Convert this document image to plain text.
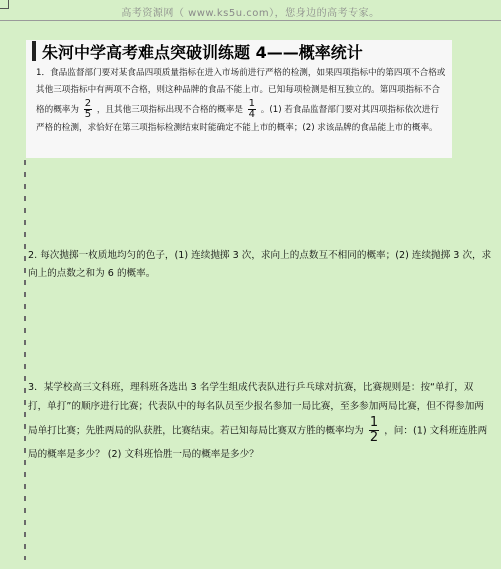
高考资源网（ www.ks5u.com），您身边的高考专家。
朱河中学高考难点突破训练题 4——概率统计
1．食品监督部门要对某食品四项质量指标在进入市场前进行严格的检测，如果四项指标中的第四项不合格或其他三项指标中有两项不合格，则这种品牌的食品不能上市。已知每项检测是相互独立的。第四项指标不合格的概率为 $\frac{2}{5}$ ，且其他三项指标出现不合格的概率是 $\frac{1}{4}$ 。(1) 若食品监督部门要对其四项指标依次进行严格的检测，求恰好在第三项指标检测结束时能确定不能上市的概率；(2) 求该品牌的食品能上市的概率。
2. 每次抛掷一枚质地均匀的色子，(1) 连续抛掷 3 次，求向上的点数互不相同的概率；(2) 连续抛掷 3 次，求向上的点数之和为 6 的概率。
3．某学校高三文科班，理科班各选出 3 名学生组成代表队进行乒乓球对抗赛，比赛规则是：按“单打，双打，单打”的顺序进行比赛；代表队中的每名队员至少报名参加一局比赛，至多参加两局比赛，但不得参加两局单打比赛；先胜两局的队获胜，比赛结束。若已知每局比赛双方胜的概率均为 $\frac{1}{2}$ ，问：(1) 文科班连胜两局的概率是多少？ (2) 文科班恰胜一局的概率是多少？
